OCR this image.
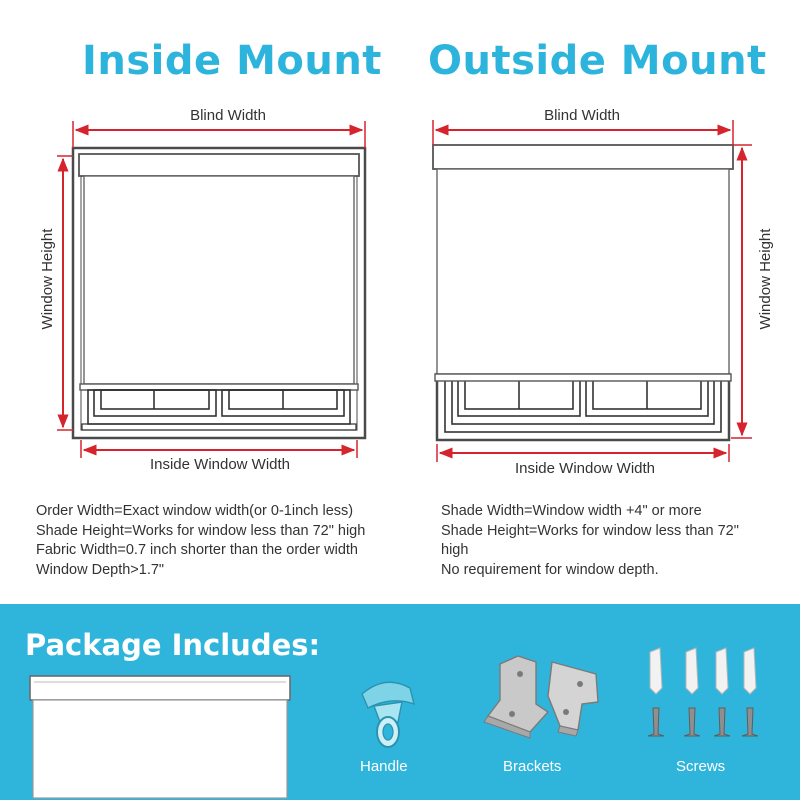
Inside Mount Outside Mount
Blind Width
Window Height
Inside Window Width
Blind Width
Window Height
Inside Window Width
Order Width=Exact window width(or 0-1inch less)
Shade Height=Works for window less than 72" high
Fabric Width=0.7 inch shorter than the order width
Window Depth>1.7"
Shade Width=Window width +4" or more
Shade Height=Works for window less than 72" high
No requirement for window depth.
Package Includes:
Handle	Brackets	Screws
